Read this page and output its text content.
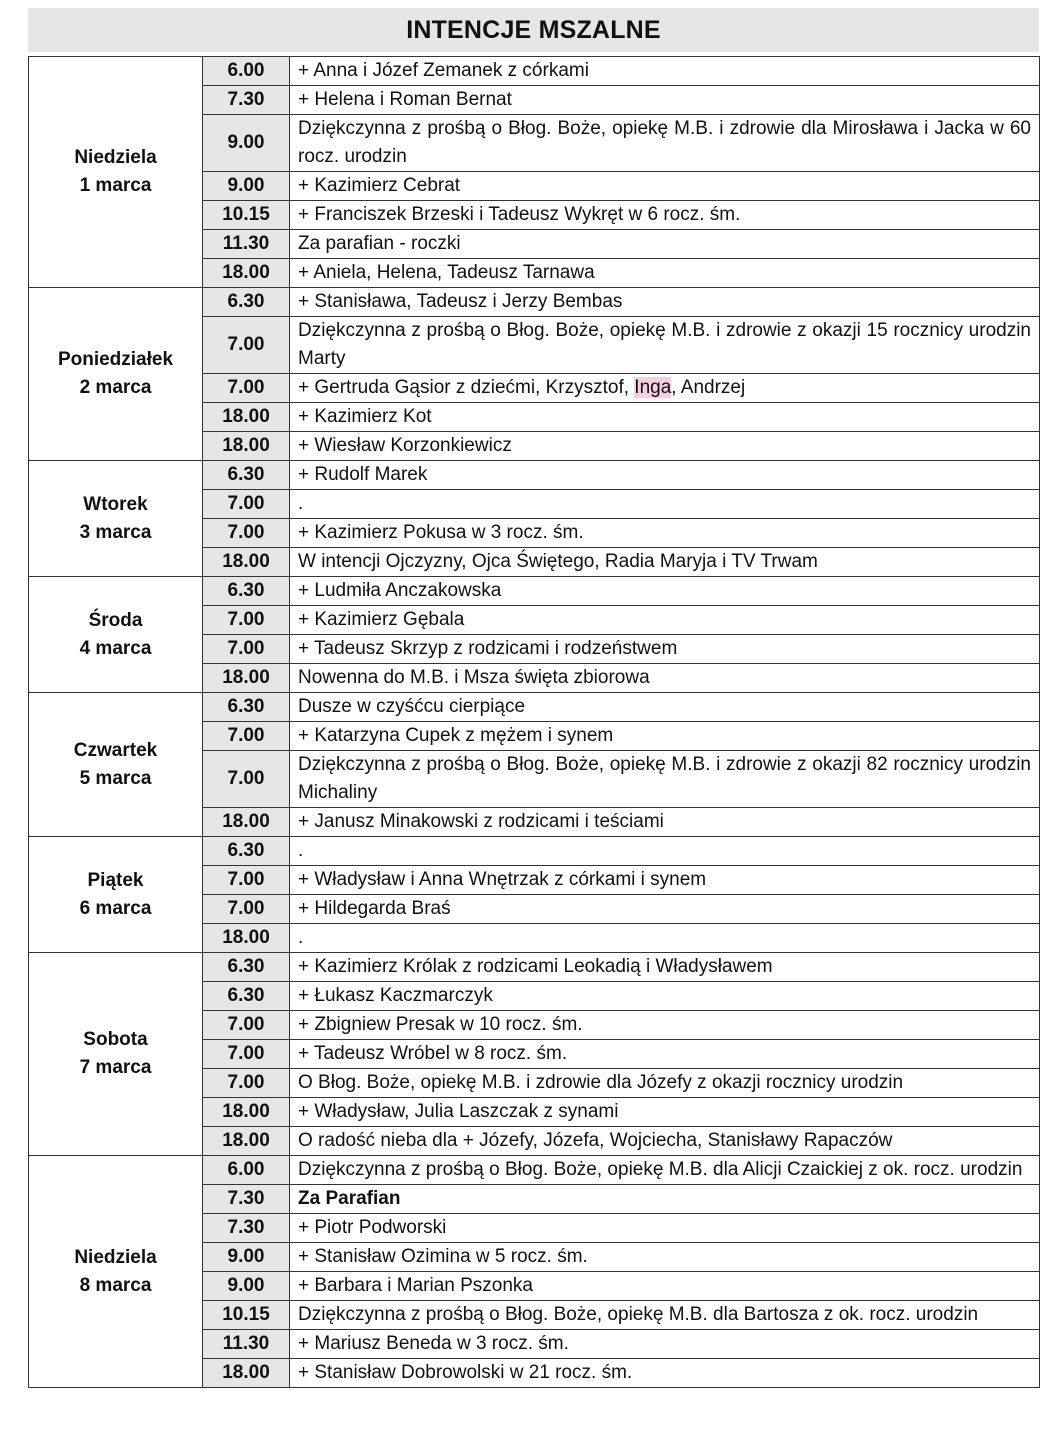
INTENCJE MSZALNE
Niedziela
1 marca	6.00	+ Anna i Józef Zemanek z córkami
	7.30	+ Helena i Roman Bernat
	9.00	Dziękczynna z prośbą o Błog. Boże, opiekę M.B. i zdrowie dla Mirosława i Jacka w 60 rocz. urodzin
	9.00	+ Kazimierz Cebrat
	10.15	+ Franciszek Brzeski i Tadeusz Wykręt w 6 rocz. śm.
	11.30	Za parafian - roczki
	18.00	+ Aniela, Helena, Tadeusz Tarnawa

Poniedziałek
2 marca	6.30	+ Stanisława, Tadeusz i Jerzy Bembas
	7.00	Dziękczynna z prośbą o Błog. Boże, opiekę M.B. i zdrowie z okazji 15 rocznicy urodzin Marty
	7.00	+ Gertruda Gąsior z dziećmi, Krzysztof, Inga, Andrzej
	18.00	+ Kazimierz Kot
	18.00	+ Wiesław Korzonkiewicz

Wtorek
3 marca	6.30	+ Rudolf Marek
	7.00	.
	7.00	+ Kazimierz Pokusa w 3 rocz. śm.
	18.00	W intencji Ojczyzny, Ojca Świętego, Radia Maryja i TV Trwam

Środa
4 marca	6.30	+ Ludmiła Anczakowska
	7.00	+ Kazimierz Gębala
	7.00	+ Tadeusz Skrzyp z rodzicami i rodzeństwem
	18.00	Nowenna do M.B. i Msza święta zbiorowa

Czwartek
5 marca	6.30	Dusze w czyśćcu cierpiące
	7.00	+ Katarzyna Cupek z mężem i synem
	7.00	Dziękczynna z prośbą o Błog. Boże, opiekę M.B. i zdrowie z okazji 82 rocznicy urodzin Michaliny
	18.00	+ Janusz Minakowski z rodzicami i teściami

Piątek
6 marca	6.30	.
	7.00	+ Władysław i Anna Wnętrzak z córkami i synem
	7.00	+ Hildegarda Braś
	18.00	.

Sobota
7 marca	6.30	+ Kazimierz Królak z rodzicami Leokadią i Władysławem
	6.30	+ Łukasz Kaczmarczyk
	7.00	+ Zbigniew Presak w 10 rocz. śm.
	7.00	+ Tadeusz Wróbel w 8 rocz. śm.
	7.00	O Błog. Boże, opiekę M.B. i zdrowie dla Józefy z okazji rocznicy urodzin
	18.00	+ Władysław, Julia Laszczak z synami
	18.00	O radość nieba dla + Józefy, Józefa, Wojciecha, Stanisławy Rapaczów

Niedziela
8 marca	6.00	Dziękczynna z prośbą o Błog. Boże, opiekę M.B. dla Alicji Czaickiej z ok. rocz. urodzin
	7.30	Za Parafian
	7.30	+ Piotr Podworski
	9.00	+ Stanisław Ozimina w 5 rocz. śm.
	9.00	+ Barbara i Marian Pszonka
	10.15	Dziękczynna z prośbą o Błog. Boże, opiekę M.B. dla Bartosza z ok. rocz. urodzin
	11.30	+ Mariusz Beneda w 3 rocz. śm.
	18.00	+ Stanisław Dobrowolski w 21 rocz. śm.
